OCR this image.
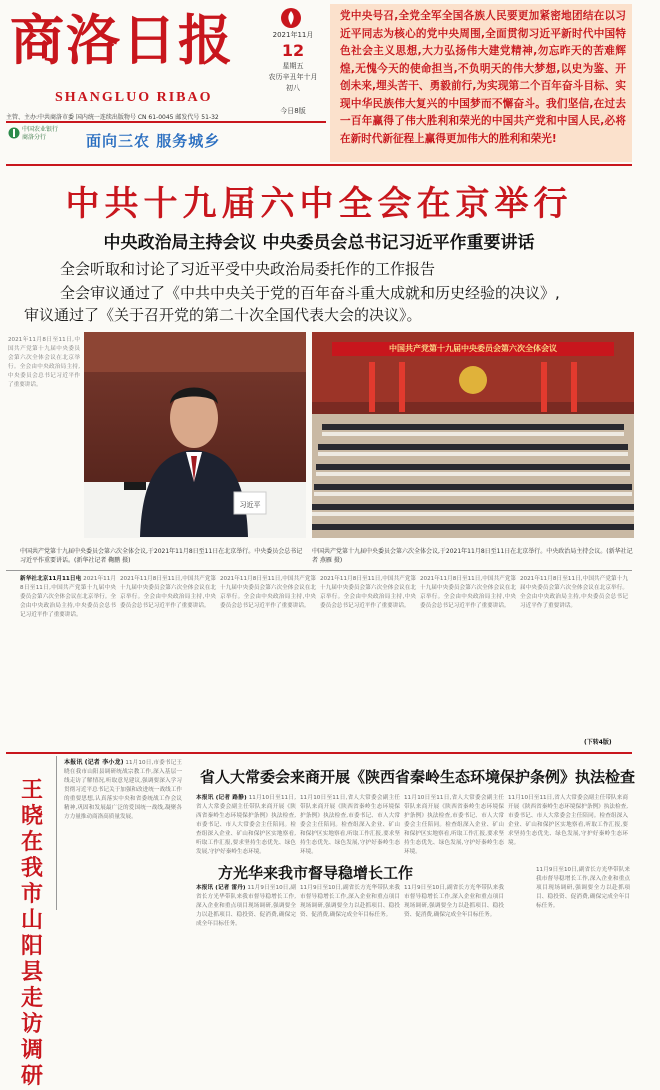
商洛日报
SHANGLUO RIBAO
2021年11月
12
星期五
农历辛丑年十月初八
今日8版

党中央号召,全党全军全国各族人民要更加紧密地团结在以习近平同志为核心的党中央周围,全面贯彻习近平新时代中国特色社会主义思想,大力弘扬伟大建党精神,勿忘昨天的苦难辉煌,无愧今天的使命担当,不负明天的伟大梦想,以史为鉴、开创未来,埋头苦干、勇毅前行,为实现第二个百年奋斗目标、实现中华民族伟大复兴的中国梦而不懈奋斗。我们坚信,在过去一百年赢得了伟大胜利和荣光的中国共产党和中国人民,必将在新时代新征程上赢得更加伟大的胜利和荣光!

主管、主办:中共商洛市委 国内统一连续出版物号 CN 61-0045 邮发代号 51-32
中国农业银行
商洛分行	面向三农 服务城乡
中共十九届六中全会在京举行
中央政治局主持会议 中央委员会总书记习近平作重要讲话
全会听取和讨论了习近平受中央政治局委托作的工作报告
全会审议通过了《中共中央关于党的百年奋斗重大成就和历史经验的决议》,
审议通过了《关于召开党的第二十次全国代表大会的决议》。
2021年11月8日至11日,中国共产党第十九届中央委员会第六次全体会议在北京举行。全会由中央政治局主持,中央委员会总书记习近平作了重要讲话。
习近平
中国共产党第十九届中央委员会第六次全体会议,于2021年11月8日至11日在北京举行。中央委员会总书记习近平作重要讲话。(新华社记者 鞠鹏 摄)
中国共产党第十九届中央委员会第六次全体会议
中国共产党第十九届中央委员会第六次全体会议,于2021年11月8日至11日在北京举行。中央政治局主持会议。(新华社记者 燕雁 摄)
新华社北京11月11日电 2021年11月8日至11日,中国共产党第十九届中央委员会第六次全体会议在北京举行。全会由中央政治局主持,中央委员会总书记习近平作了重要讲话。
2021年11月8日至11日,中国共产党第十九届中央委员会第六次全体会议在北京举行。全会由中央政治局主持,中央委员会总书记习近平作了重要讲话。
2021年11月8日至11日,中国共产党第十九届中央委员会第六次全体会议在北京举行。全会由中央政治局主持,中央委员会总书记习近平作了重要讲话。
2021年11月8日至11日,中国共产党第十九届中央委员会第六次全体会议在北京举行。全会由中央政治局主持,中央委员会总书记习近平作了重要讲话。
2021年11月8日至11日,中国共产党第十九届中央委员会第六次全体会议在北京举行。全会由中央政治局主持,中央委员会总书记习近平作了重要讲话。
2021年11月8日至11日,中国共产党第十九届中央委员会第六次全体会议在北京举行。全会由中央政治局主持,中央委员会总书记习近平作了重要讲话。
(下转4版)
王晓在我市山阳县走访调研
本报讯 (记者 李小龙) 11月10日,市委书记王晓在我市山阳县调研统战宗教工作,深入基层一线走访了解情况,听取意见建议,强调要深入学习贯彻习近平总书记关于加强和改进统一战线工作的重要思想,认真落实中央和省委统战工作会议精神,巩固和发展最广泛的爱国统一战线,凝聚各方力量推动商洛高质量发展。
省人大常委会来商开展《陕西省秦岭生态环境保护条例》执法检查
本报讯 (记者 路静) 11月10日至11日,省人大常委会副主任带队来商开展《陕西省秦岭生态环境保护条例》执法检查,市委书记、市人大常委会主任陪同。检查组深入企业、矿山和保护区实地察看,听取工作汇报,要求坚持生态优先、绿色发展,守护好秦岭生态环境。
11月10日至11日,省人大常委会副主任带队来商开展《陕西省秦岭生态环境保护条例》执法检查,市委书记、市人大常委会主任陪同。检查组深入企业、矿山和保护区实地察看,听取工作汇报,要求坚持生态优先、绿色发展,守护好秦岭生态环境。
11月10日至11日,省人大常委会副主任带队来商开展《陕西省秦岭生态环境保护条例》执法检查,市委书记、市人大常委会主任陪同。检查组深入企业、矿山和保护区实地察看,听取工作汇报,要求坚持生态优先、绿色发展,守护好秦岭生态环境。
11月10日至11日,省人大常委会副主任带队来商开展《陕西省秦岭生态环境保护条例》执法检查,市委书记、市人大常委会主任陪同。检查组深入企业、矿山和保护区实地察看,听取工作汇报,要求坚持生态优先、绿色发展,守护好秦岭生态环境。
方光华来我市督导稳增长工作
本报讯 (记者 雷丹) 11月9日至10日,副省长方光华带队来我市督导稳增长工作,深入企业和重点项目现场调研,强调要全力以赴抓项目、稳投资、促消费,确保完成全年目标任务。
11月9日至10日,副省长方光华带队来我市督导稳增长工作,深入企业和重点项目现场调研,强调要全力以赴抓项目、稳投资、促消费,确保完成全年目标任务。
11月9日至10日,副省长方光华带队来我市督导稳增长工作,深入企业和重点项目现场调研,强调要全力以赴抓项目、稳投资、促消费,确保完成全年目标任务。
11月9日至10日,副省长方光华带队来我市督导稳增长工作,深入企业和重点项目现场调研,强调要全力以赴抓项目、稳投资、促消费,确保完成全年目标任务。
